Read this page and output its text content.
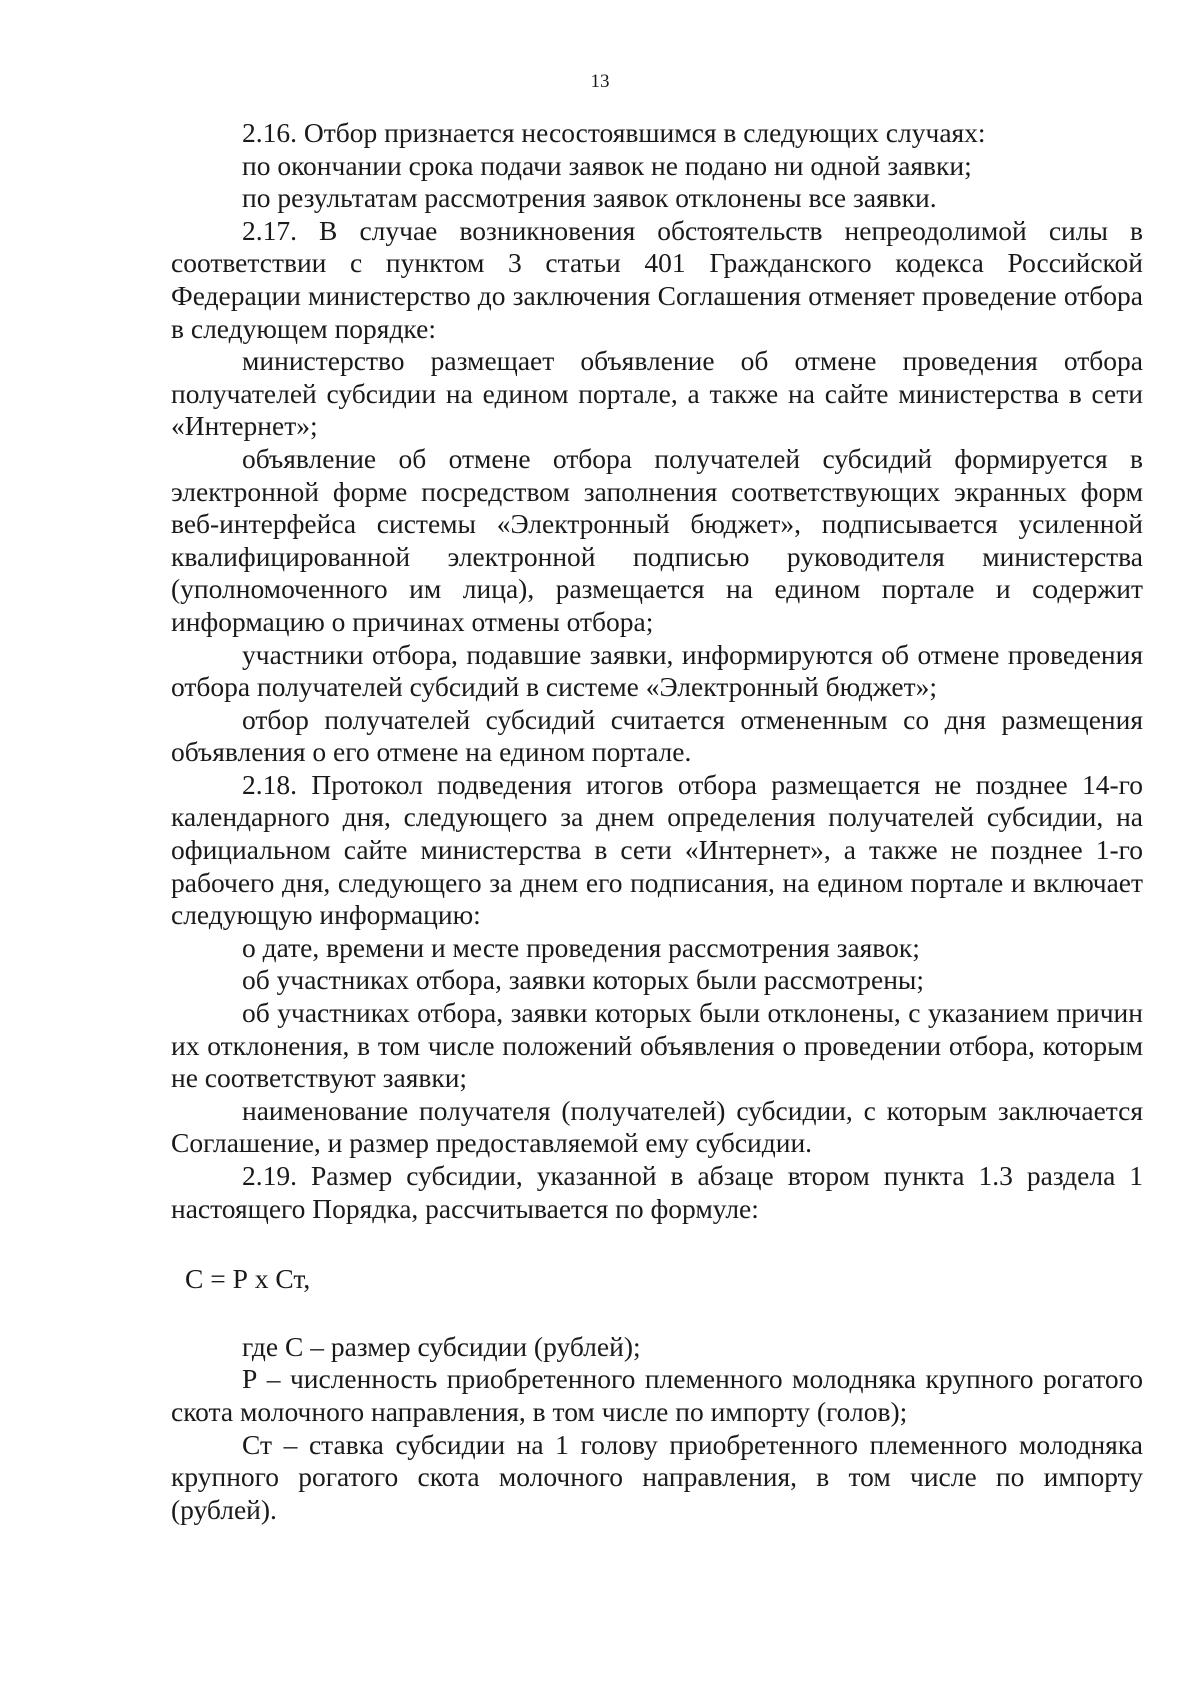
13

2.16. Отбор признается несостоявшимся в следующих случаях:

по окончании срока подачи заявок не подано ни одной заявки;

по результатам рассмотрения заявок отклонены все заявки.

2.17. В случае возникновения обстоятельств непреодолимой силы в соответствии с пунктом 3 статьи 401 Гражданского кодекса Российской Федерации министерство до заключения Соглашения отменяет проведение отбора в следующем порядке:

министерство размещает объявление об отмене проведения отбора получателей субсидии на едином портале, а также на сайте министерства в сети «Интернет»;

объявление об отмене отбора получателей субсидий формируется в электронной форме посредством заполнения соответствующих экранных форм веб-интерфейса системы «Электронный бюджет», подписывается усиленной квалифицированной электронной подписью руководителя министерства (уполномоченного им лица), размещается на едином портале и содержит информацию о причинах отмены отбора;

участники отбора, подавшие заявки, информируются об отмене проведения отбора получателей субсидий в системе «Электронный бюджет»;

отбор получателей субсидий считается отмененным со дня размещения объявления о его отмене на едином портале.

2.18. Протокол подведения итогов отбора размещается не позднее 14-го календарного дня, следующего за днем определения получателей субсидии, на официальном сайте министерства в сети «Интернет», а также не позднее 1-го рабочего дня, следующего за днем его подписания, на едином портале и включает следующую информацию:

о дате, времени и месте проведения рассмотрения заявок;

об участниках отбора, заявки которых были рассмотрены;

об участниках отбора, заявки которых были отклонены, с указанием причин их отклонения, в том числе положений объявления о проведении отбора, которым не соответствуют заявки;

наименование получателя (получателей) субсидии, с которым заключается Соглашение, и размер предоставляемой ему субсидии.

2.19. Размер субсидии, указанной в абзаце втором пункта 1.3 раздела 1 настоящего Порядка, рассчитывается по формуле:

С = Р х Ст,

где С – размер субсидии (рублей);

Р – численность приобретенного племенного молодняка крупного рогатого скота молочного направления, в том числе по импорту (голов);

Ст – ставка субсидии на 1 голову приобретенного племенного молодняка крупного рогатого скота молочного направления, в том числе по импорту (рублей).
